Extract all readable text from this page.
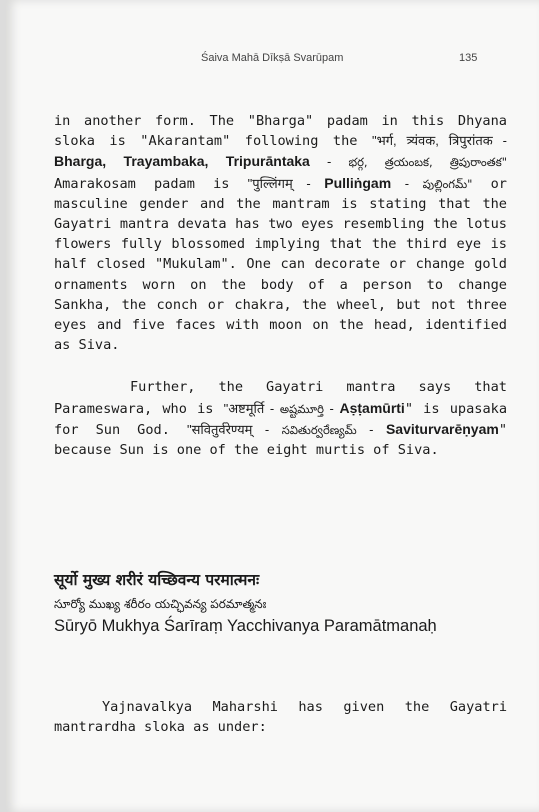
Śaiva Mahā Dīkṣā Svarūpam	135

in another form. The "Bharga" padam in this Dhyana sloka is "Akarantam" following the "भर्ग, त्र्यंवक, त्रिपुरांतक - Bharga, Trayambaka, Tripurāntaka - భర్గ, త్రయంబక, త్రిపురాంతక" Amarakosam padam is "पुल्लिंगम् - Pulliṅgam - పుల్లింగమ్" or masculine gender and the mantram is stating that the Gayatri mantra devata has two eyes resembling the lotus flowers fully blossomed implying that the third eye is half closed "Mukulam". One can decorate or change gold ornaments worn on the body of a person to change Sankha, the conch or chakra, the wheel, but not three eyes and five faces with moon on the head, identified as Siva.

Further, the Gayatri mantra says that Parameswara, who is "अष्टमूर्ति - అష్టమూర్తి - Aṣṭamūrti" is upasaka for Sun God. "सवितुर्वरेण्यम् - సవితుర్వరేణ్యమ్ - Saviturvarēṇyam" because Sun is one of the eight murtis of Siva.

सूर्यो मुख्य शरीरं यच्छिवन्य परमात्मनः
సూర్యో ముఖ్య శరీరం యచ్ఛివన్య పరమాత్మనః
Sūryō Mukhya Śarīraṃ Yacchivanya Paramātmanaḥ

Yajnavalkya Maharshi has given the Gayatri mantrardha sloka as under:
